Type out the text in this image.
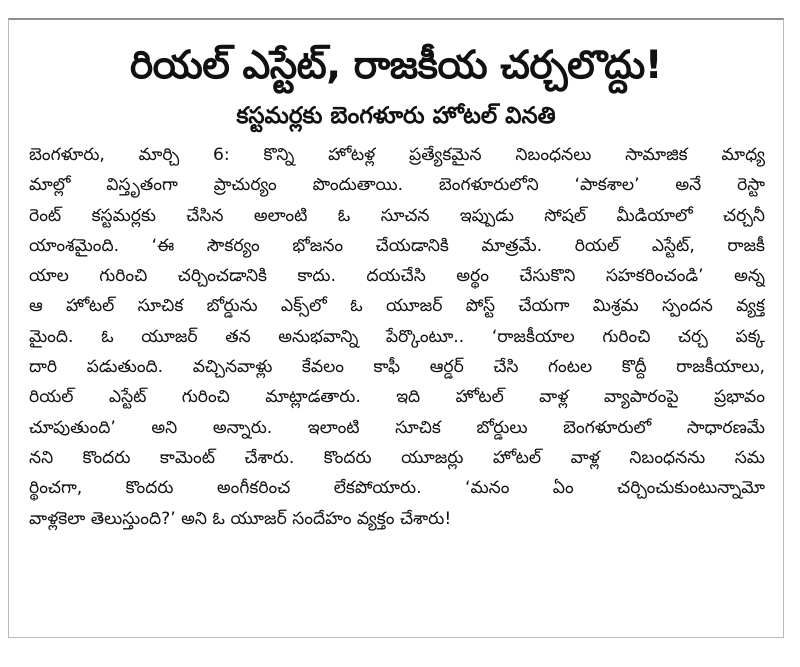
రియల్ ఎస్టేట్, రాజకీయ చర్చలొద్దు!
కస్టమర్లకు బెంగళూరు హోటల్ వినతి
బెంగళూరు, మార్చి 6: కొన్ని హోటళ్ల ప్రత్యేకమైన నిబంధనలు సామాజిక మాధ్య
మాల్లో విస్తృతంగా ప్రాచుర్యం పొందుతాయి. బెంగళూరులోని ‘పాకశాల’ అనే రెస్టా
రెంట్ కస్టమర్లకు చేసిన అలాంటి ఓ సూచన ఇప్పుడు సోషల్ మీడియాలో చర్చనీ
యాంశమైంది. ‘ఈ సౌకర్యం భోజనం చేయడానికి మాత్రమే. రియల్ ఎస్టేట్, రాజకీ
యాల గురించి చర్చించడానికి కాదు. దయచేసి అర్థం చేసుకొని సహకరించండి’ అన్న
ఆ హోటల్ సూచిక బోర్డును ఎక్స్‌లో ఓ యూజర్ పోస్ట్ చేయగా మిశ్రమ స్పందన వ్యక్త
మైంది. ఓ యూజర్ తన అనుభవాన్ని పేర్కొంటూ.. ‘రాజకీయాల గురించి చర్చ పక్క
దారి పడుతుంది. వచ్చినవాళ్లు కేవలం కాఫీ ఆర్డర్ చేసి గంటల కొద్దీ రాజకీయాలు,
రియల్ ఎస్టేట్ గురించి మాట్లాడతారు. ఇది హోటల్ వాళ్ల వ్యాపారంపై ప్రభావం
చూపుతుంది’ అని అన్నారు. ఇలాంటి సూచిక బోర్డులు బెంగళూరులో సాధారణమే
నని కొందరు కామెంట్ చేశారు. కొందరు యూజర్లు హోటల్ వాళ్ల నిబంధనను సమ
ర్థించగా, కొందరు అంగీకరించ లేకపోయారు. ‘మనం ఏం చర్చించుకుంటున్నామో
వాళ్లకెలా తెలుస్తుంది?’ అని ఓ యూజర్ సందేహం వ్యక్తం చేశారు!
